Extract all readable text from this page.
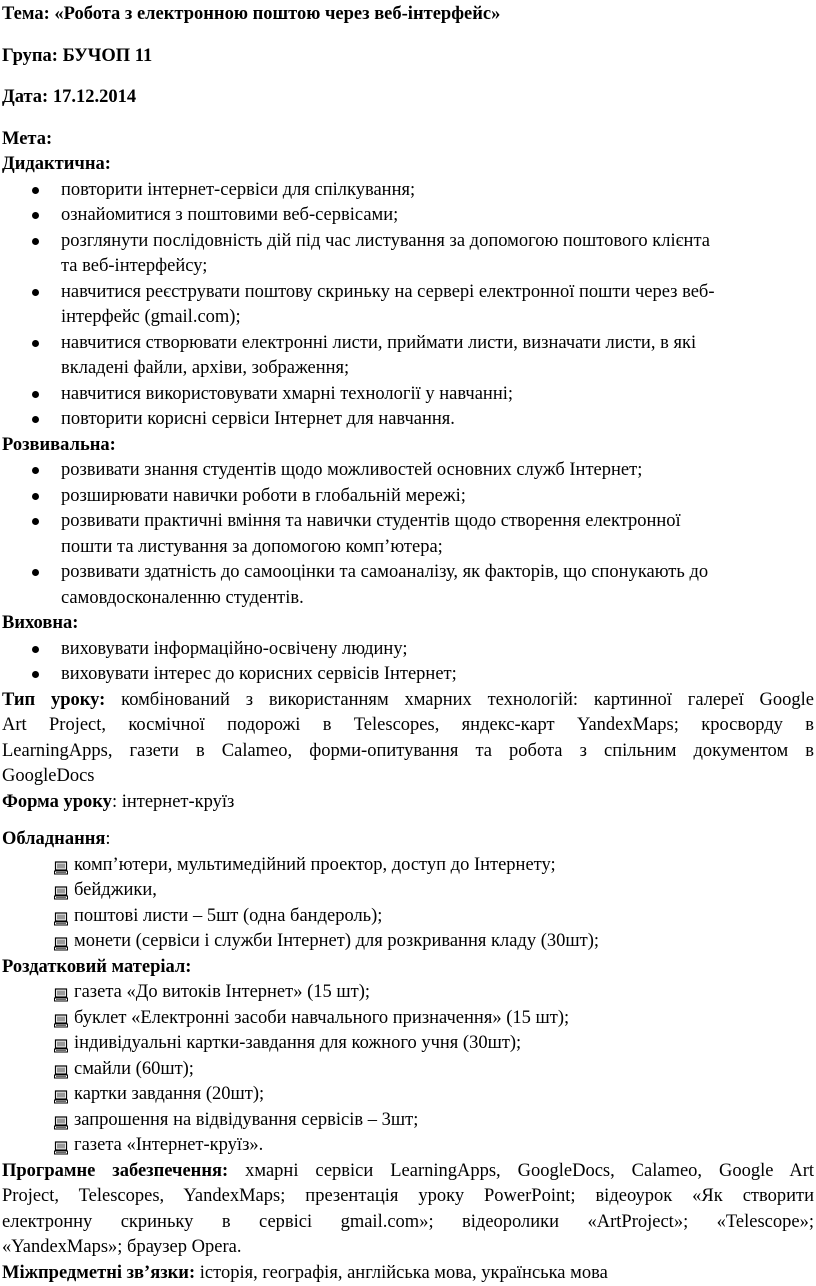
Тема: «Робота з електронною поштою через веб-інтерфейс»
Група: БУЧОП 11
Дата: 17.12.2014
Мета:
Дидактична:
повторити інтернет-сервіси для спілкування;
ознайомитися з поштовими веб-сервісами;
розглянути послідовність дій під час листування за допомогою поштового клієнта
та веб-інтерфейсу;
навчитися реєструвати поштову скриньку на сервері електронної пошти через веб-
інтерфейс (gmail.com);
навчитися створювати електронні листи, приймати листи, визначати листи, в які
вкладені файли, архіви, зображення;
навчитися використовувати хмарні технології у навчанні;
повторити корисні сервіси Інтернет для навчання.
Розвивальна:
розвивати знання студентів щодо можливостей основних служб Інтернет;
розширювати навички роботи в глобальній мережі;
розвивати практичні вміння та навички студентів щодо створення електронної
пошти та листування за допомогою комп’ютера;
розвивати здатність до самооцінки та самоаналізу, як факторів, що спонукають до
самовдосконаленню студентів.
Виховна:
виховувати інформаційно-освічену людину;
виховувати інтерес до корисних сервісів Інтернет;
Тип уроку: комбінований з використанням хмарних технологій: картинної галереї Google
Art Project, космічної подорожі в Telescopes, яндекс-карт YandexMaps; кросворду в
LearningApps, газети в Calameo, форми-опитування та робота з спільним документом в
GoogleDocs
Форма уроку: інтернет-круїз
Обладнання:
комп’ютери, мультимедійний проектор, доступ до Інтернету;
бейджики,
поштові листи – 5шт (одна бандероль);
монети (сервіси і служби Інтернет) для розкривання кладу (30шт);
Роздатковий матеріал:
газета «До витоків Інтернет» (15 шт);
буклет «Електронні засоби навчального призначення» (15 шт);
індивідуальні картки-завдання для кожного учня (30шт);
смайли (60шт);
картки завдання (20шт);
запрошення на відвідування сервісів – 3шт;
газета «Інтернет-круїз».
Програмне забезпечення: хмарні сервіси LearningApps, GoogleDocs, Calameo, Google Art
Project, Telescopes, YandexMaps; презентація уроку PowerPoint; відеоурок «Як створити
електронну скриньку в сервісі gmail.com»; відеоролики «ArtProject»; «Telescope»;
«YandexMaps»; браузер Opera.
Міжпредметні зв’язки: історія, географія, англійська мова, українська мова
